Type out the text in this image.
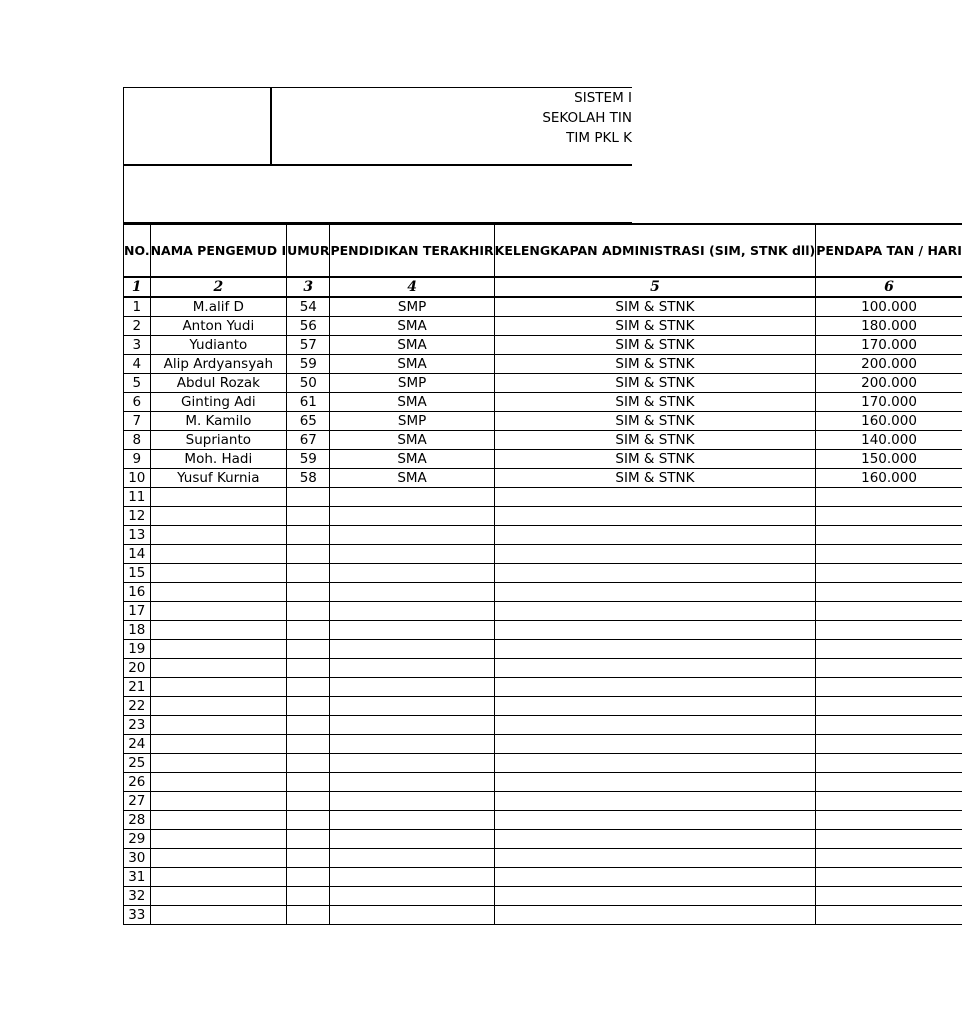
SISTEM I
SEKOLAH TIN
TIM PKL K
NO.	NAMA PENGEMUD I	UMUR	PENDIDIKAN TERAKHIR	KELENGKAPAN ADMINISTRASI (SIM, STNK dll)	PENDAPA TAN / HARI

1	2	3	4	5	6

1	M.alif D	54	SMP	SIM & STNK	100.000

2	Anton Yudi	56	SMA	SIM & STNK	180.000

3	Yudianto	57	SMA	SIM & STNK	170.000

4	Alip Ardyansyah	59	SMA	SIM & STNK	200.000

5	Abdul Rozak	50	SMP	SIM & STNK	200.000

6	Ginting Adi	61	SMA	SIM & STNK	170.000

7	M. Kamilo	65	SMP	SIM & STNK	160.000

8	Suprianto	67	SMA	SIM & STNK	140.000

9	Moh. Hadi	59	SMA	SIM & STNK	150.000

10	Yusuf Kurnia	58	SMA	SIM & STNK	160.000

11					

12					

13					

14					

15					

16					

17					

18					

19					

20					

21					

22					

23					

24					

25					

26					

27					

28					

29					

30					

31					

32					

33					
